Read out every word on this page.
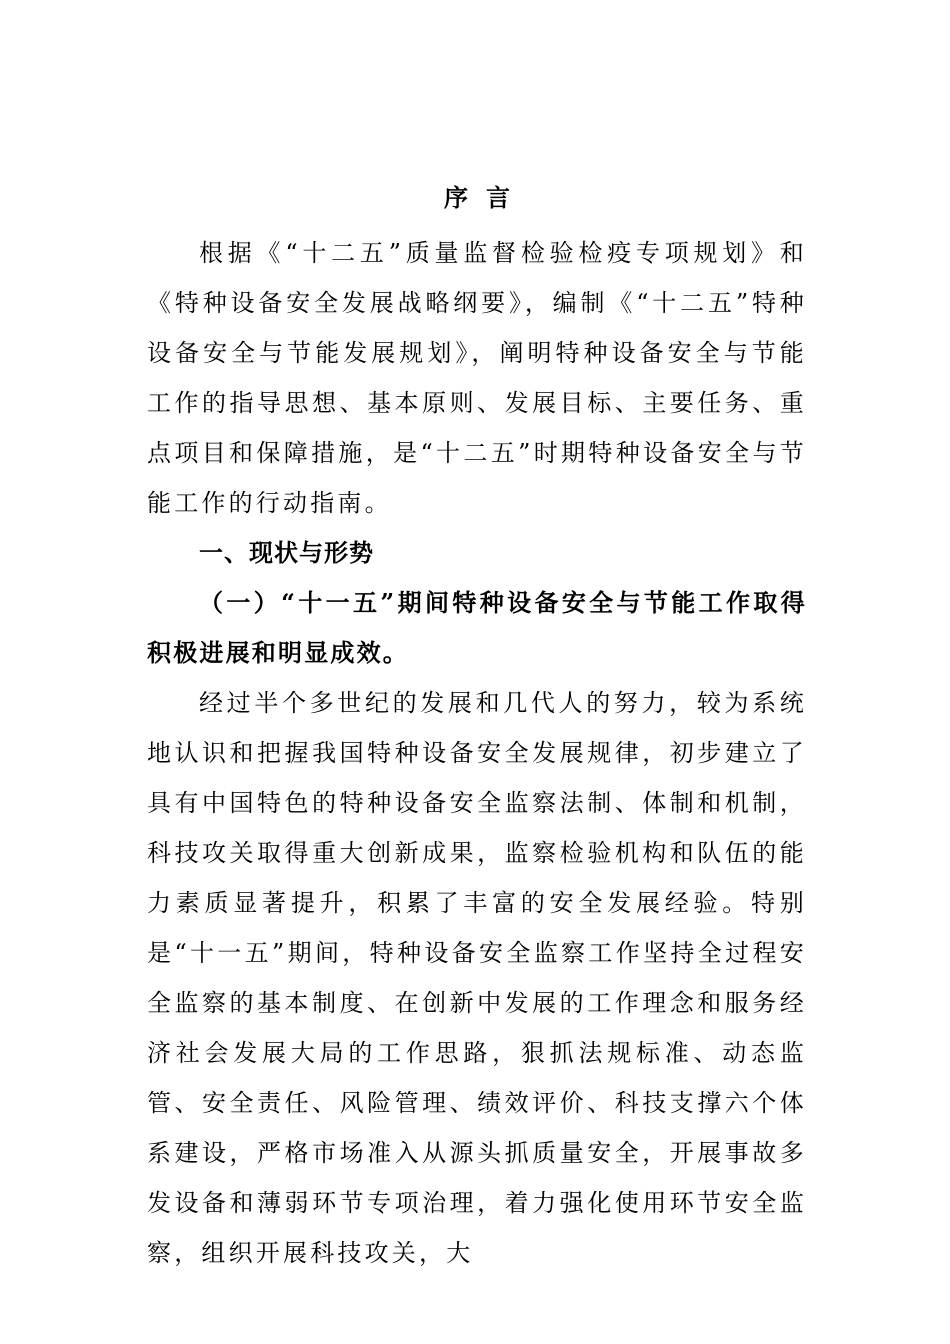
序言

根据《“十二五”质量监督检验检疫专项规划》和《特种设备安全发展战略纲要》，编制《“十二五”特种设备安全与节能发展规划》，阐明特种设备安全与节能工作的指导思想、基本原则、发展目标、主要任务、重点项目和保障措施，是“十二五”时期特种设备安全与节能工作的行动指南。

一、现状与形势

（一）“十一五”期间特种设备安全与节能工作取得积极进展和明显成效。

经过半个多世纪的发展和几代人的努力，较为系统地认识和把握我国特种设备安全发展规律，初步建立了具有中国特色的特种设备安全监察法制、体制和机制，科技攻关取得重大创新成果，监察检验机构和队伍的能力素质显著提升，积累了丰富的安全发展经验。特别是“十一五”期间，特种设备安全监察工作坚持全过程安全监察的基本制度、在创新中发展的工作理念和服务经济社会发展大局的工作思路，狠抓法规标准、动态监管、安全责任、风险管理、绩效评价、科技支撑六个体系建设，严格市场准入从源头抓质量安全，开展事故多发设备和薄弱环节专项治理，着力强化使用环节安全监察，组织开展科技攻关，大
